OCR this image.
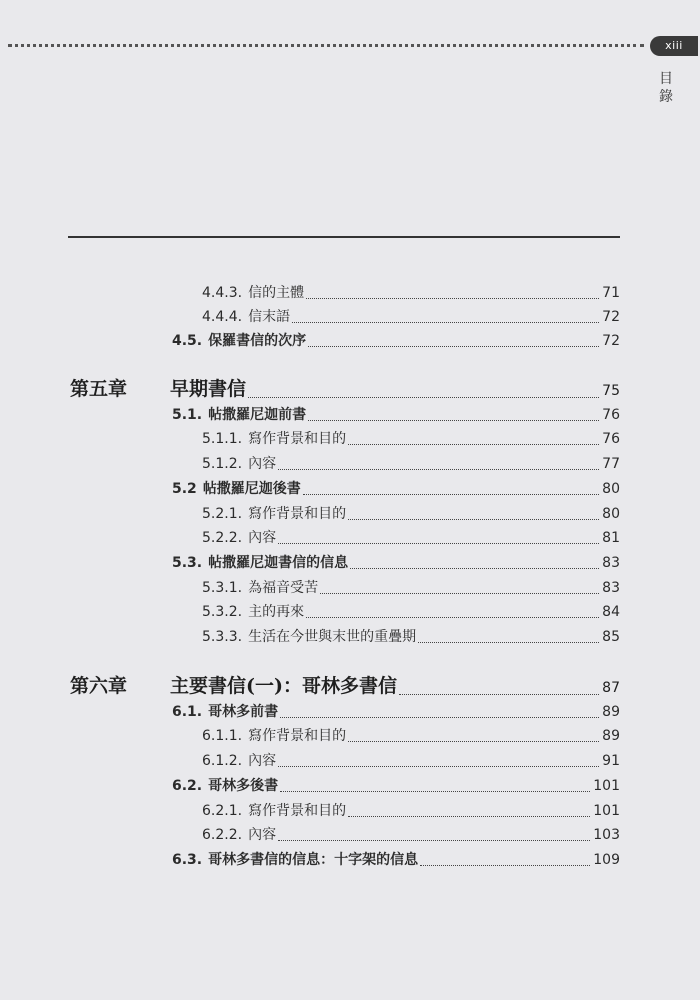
xiii
目
錄
4.4.3. 信的主體	71
4.4.4. 信末語	72
4.5. 保羅書信的次序	72
第五章	早期書信	75
5.1. 帖撒羅尼迦前書	76
5.1.1. 寫作背景和目的	76
5.1.2. 內容	77
5.2 帖撒羅尼迦後書	80
5.2.1. 寫作背景和目的	80
5.2.2. 內容	81
5.3. 帖撒羅尼迦書信的信息	83
5.3.1. 為福音受苦	83
5.3.2. 主的再來	84
5.3.3. 生活在今世與末世的重疊期	85
第六章	主要書信(一)：哥林多書信	87
6.1. 哥林多前書	89
6.1.1. 寫作背景和目的	89
6.1.2. 內容	91
6.2. 哥林多後書	101
6.2.1. 寫作背景和目的	101
6.2.2. 內容	103
6.3. 哥林多書信的信息：十字架的信息	109
